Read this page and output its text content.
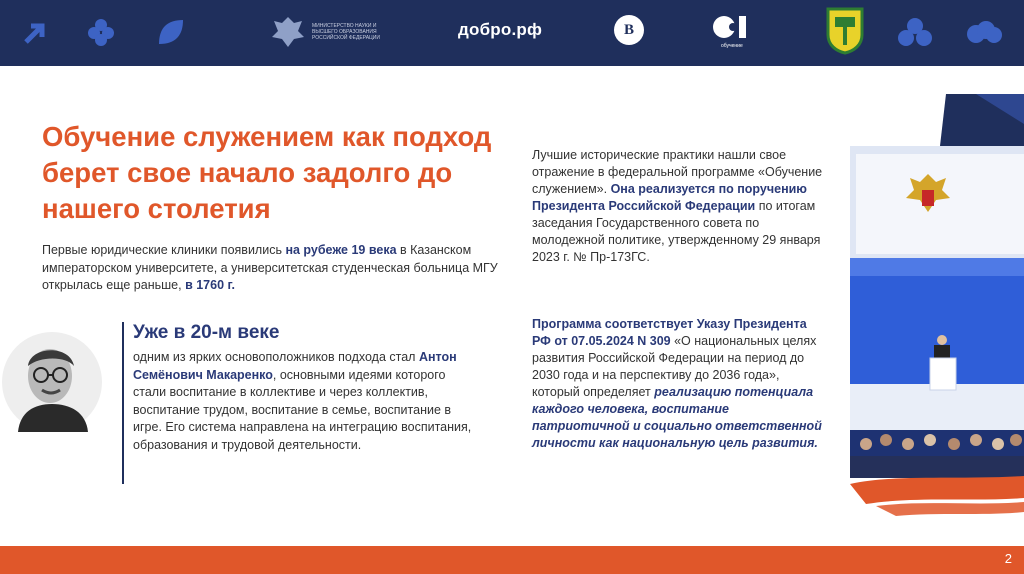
МИНИСТЕРСТВО НАУКИ И ВЫСШЕГО ОБРАЗОВАНИЯ РОССИЙСКОЙ ФЕДЕРАЦИИ	добро.рф	В
обучение
Обучение служением как подход берет свое начало задолго до нашего столетия
Первые юридические клиники появились на рубеже 19 века в Казанском императорском университете, а университетская студенческая больница МГУ открылась еще раньше, в 1760 г.
Уже в 20-м веке
одним из ярких основоположников подхода стал Антон Семёнович Макаренко, основными идеями которого стали воспитание в коллективе и через коллектив, воспитание трудом, воспитание в семье, воспитание в игре. Его система направлена на интеграцию воспитания, образования и трудовой деятельности.
Лучшие исторические практики нашли свое отражение в федеральной программе «Обучение служением». Она реализуется по поручению Президента Российской Федерации по итогам заседания Государственного совета по молодежной политике, утвержденному 29 января 2023 г. № Пр-173ГС.
Программа соответствует Указу Президента РФ от 07.05.2024 N 309 «О национальных целях развития Российской Федерации на период до 2030 года и на перспективу до 2036 года», который определяет реализацию потенциала каждого человека, воспитание патриотичной и социально ответственной личности как национальную цель развития.
2
